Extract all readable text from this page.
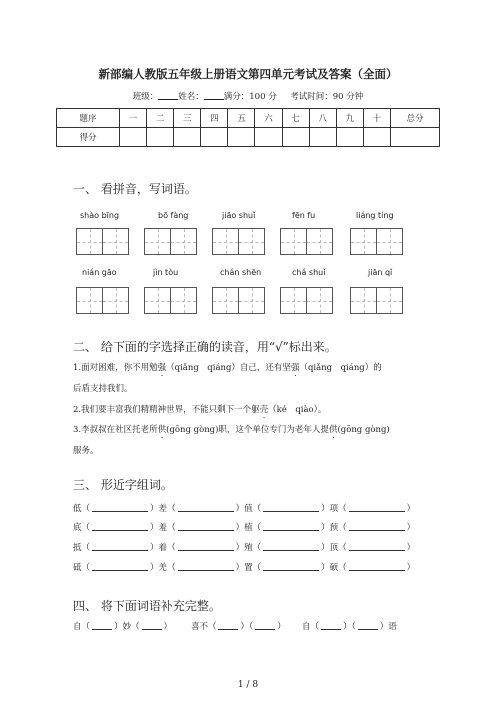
新部编人教版五年级上册语文第四单元考试及答案（全面）
班级： 姓名： 满分：100 分 考试时间：90 分钟
题序	一	二	三	四	五	六	七	八	九	十	总分
得分											
一、 看拼音，写词语。
shào bīng	bō fàng	jiāo shuǐ	fēn fu	liáng tíng
nián gāo	jìn tòu	chán shēn	chá shuǐ	jiān qǐ
二、 给下面的字选择正确的读音，用“√”标出来。
1.面对困难，你不用勉强（qiǎng　qiáng）自己，还有坚强（qiǎng　qiáng）的
后盾支持我们。
2.我们要丰富我们精精神世界，不能只剩下一个躯壳（ké　qiào）。
3.李叔叔在社区托老所供(gōng gòng)职，这个单位专门为老年人提供(gōng gòng)
服务。
三、 形近字组词。
低（	）差（	）值（	）项（	）
底（	）羞（	）植（	）预（	）
抵（	）着（	）殖（	）顶（	）
砥（	）羌（	）置（	）硕（	）
四、 将下面词语补充完整。
自（	）妙（	） 喜不（	）（	） 自（	）（	）语
1 / 8
